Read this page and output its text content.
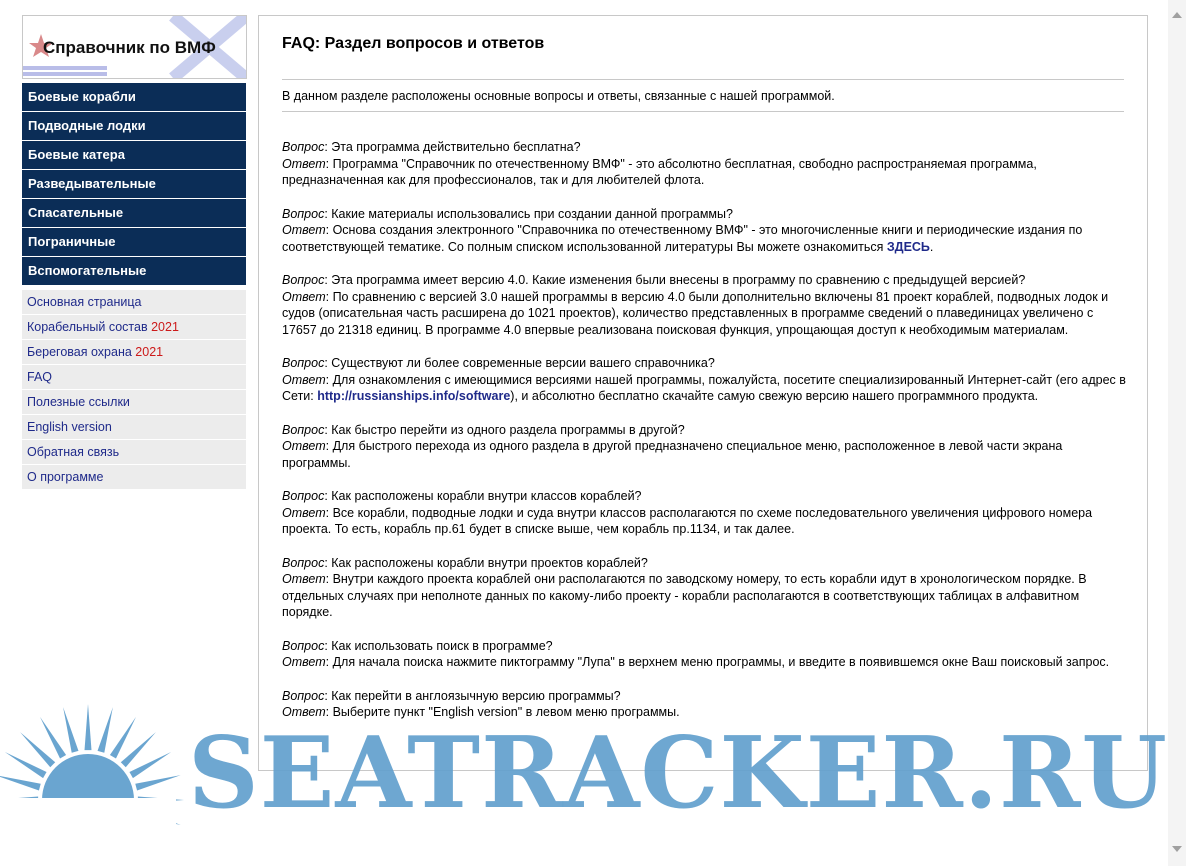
Справочник по ВМФ
Боевые корабли
Подводные лодки
Боевые катера
Разведывательные
Спасательные
Пограничные
Вспомогательные
Основная страница
Корабельный состав 2021
Береговая охрана 2021
FAQ
Полезные ссылки
English version
Обратная связь
О программе
FAQ: Раздел вопросов и ответов
В данном разделе расположены основные вопросы и ответы, связанные с нашей программой.
Вопрос: Эта программа действительно бесплатна?
Ответ: Программа "Справочник по отечественному ВМФ" - это абсолютно бесплатная, свободно распространяемая программа, предназначенная как для профессионалов, так и для любителей флота.
Вопрос: Какие материалы использовались при создании данной программы?
Ответ: Основа создания электронного "Справочника по отечественному ВМФ" - это многочисленные книги и периодические издания по соответствующей тематике. Со полным списком использованной литературы Вы можете ознакомиться ЗДЕСЬ.
Вопрос: Эта программа имеет версию 4.0. Какие изменения были внесены в программу по сравнению с предыдущей версией?
Ответ: По сравнению с версией 3.0 нашей программы в версию 4.0 были дополнительно включены 81 проект кораблей, подводных лодок и судов (описательная часть расширена до 1021 проектов), количество представленных в программе сведений о плавединицах увеличено с 17657 до 21318 единиц. В программе 4.0 впервые реализована поисковая функция, упрощающая доступ к необходимым материалам.
Вопрос: Существуют ли более современные версии вашего справочника?
Ответ: Для ознакомления с имеющимися версиями нашей программы, пожалуйста, посетите специализированный Интернет-сайт (его адрес в Сети: http://russianships.info/software), и абсолютно бесплатно скачайте самую свежую версию нашего программного продукта.
Вопрос: Как быстро перейти из одного раздела программы в другой?
Ответ: Для быстрого перехода из одного раздела в другой предназначено специальное меню, расположенное в левой части экрана программы.
Вопрос: Как расположены корабли внутри классов кораблей?
Ответ: Все корабли, подводные лодки и суда внутри классов располагаются по схеме последовательного увеличения цифрового номера проекта. То есть, корабль пр.61 будет в списке выше, чем корабль пр.1134, и так далее.
Вопрос: Как расположены корабли внутри проектов кораблей?
Ответ: Внутри каждого проекта кораблей они располагаются по заводскому номеру, то есть корабли идут в хронологическом порядке. В отдельных случаях при неполноте данных по какому-либо проекту - корабли располагаются в соответствующих таблицах в алфавитном порядке.
Вопрос: Как использовать поиск в программе?
Ответ: Для начала поиска нажмите пиктограмму "Лупа" в верхнем меню программы, и введите в появившемся окне Ваш поисковый запрос.
Вопрос: Как перейти в англоязычную версию программы?
Ответ: Выберите пункт "English version" в левом меню программы.
SEATRACKER.RU
